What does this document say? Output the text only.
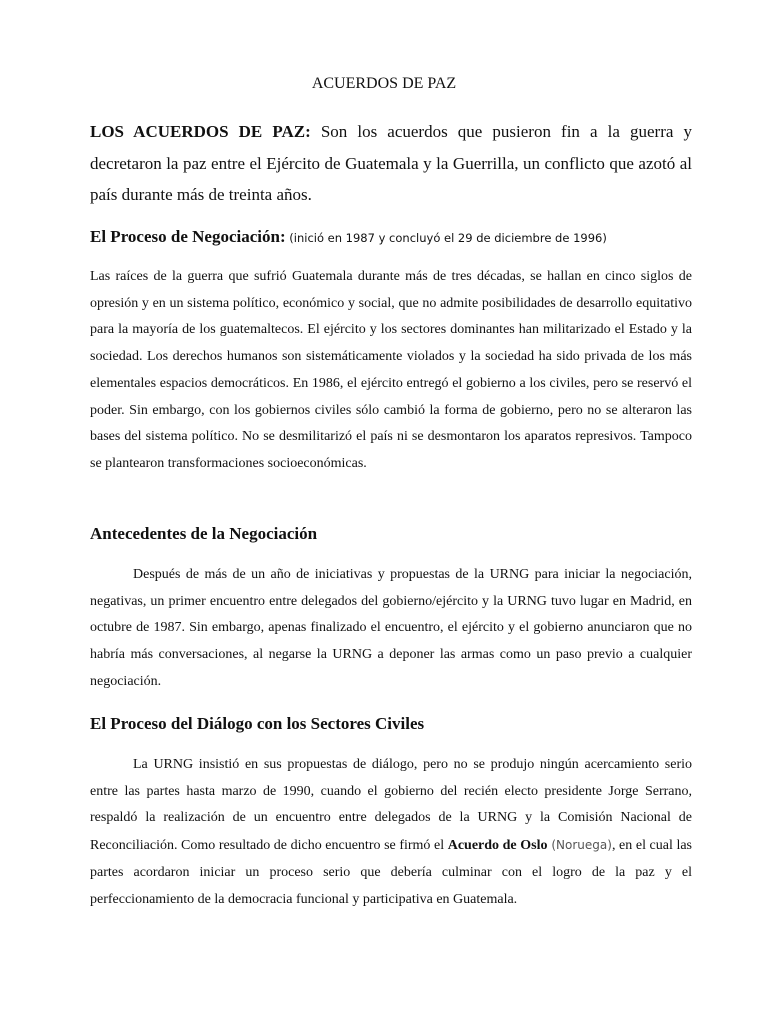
ACUERDOS DE PAZ

LOS ACUERDOS DE PAZ: Son los acuerdos que pusieron fin a la guerra y decretaron la paz entre el Ejército de Guatemala y la Guerrilla, un conflicto que azotó al país durante más de treinta años.

El Proceso de Negociación: (inició en 1987 y concluyó el 29 de diciembre de 1996)

Las raíces de la guerra que sufrió Guatemala durante más de tres décadas, se hallan en cinco siglos de opresión y en un sistema político, económico y social, que no admite posibilidades de desarrollo equitativo para la mayoría de los guatemaltecos. El ejército y los sectores dominantes han militarizado el Estado y la sociedad. Los derechos humanos son sistemáticamente violados y la sociedad ha sido privada de los más elementales espacios democráticos. En 1986, el ejército entregó el gobierno a los civiles, pero se reservó el poder. Sin embargo, con los gobiernos civiles sólo cambió la forma de gobierno, pero no se alteraron las bases del sistema político. No se desmilitarizó el país ni se desmontaron los aparatos represivos. Tampoco se plantearon transformaciones socioeconómicas.

Antecedentes de la Negociación

Después de más de un año de iniciativas y propuestas de la URNG para iniciar la negociación, negativas, un primer encuentro entre delegados del gobierno/ejército y la URNG tuvo lugar en Madrid, en octubre de 1987. Sin embargo, apenas finalizado el encuentro, el ejército y el gobierno anunciaron que no habría más conversaciones, al negarse la URNG a deponer las armas como un paso previo a cualquier negociación.

El Proceso del Diálogo con los Sectores Civiles

La URNG insistió en sus propuestas de diálogo, pero no se produjo ningún acercamiento serio entre las partes hasta marzo de 1990, cuando el gobierno del recién electo presidente Jorge Serrano, respaldó la realización de un encuentro entre delegados de la URNG y la Comisión Nacional de Reconciliación. Como resultado de dicho encuentro se firmó el Acuerdo de Oslo (Noruega), en el cual las partes acordaron iniciar un proceso serio que debería culminar con el logro de la paz y el perfeccionamiento de la democracia funcional y participativa en Guatemala.
